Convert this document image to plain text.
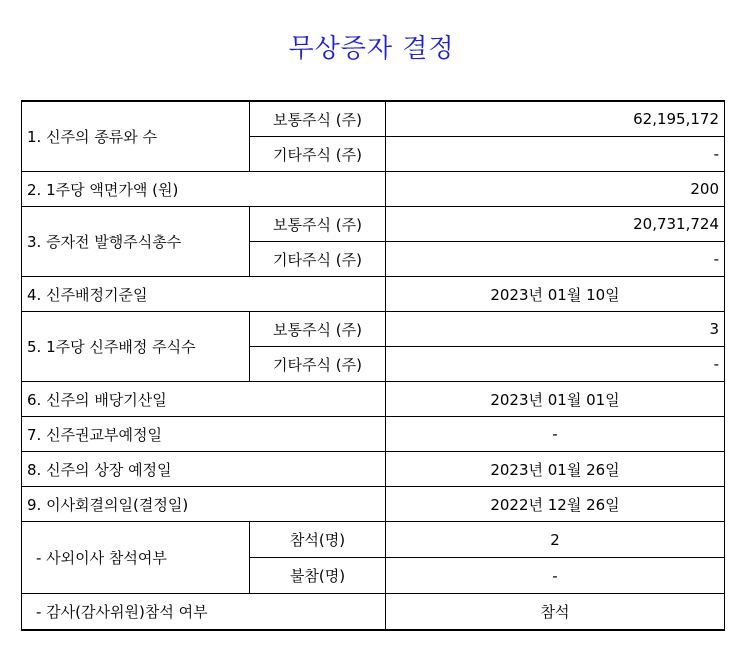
무상증자 결정
1. 신주의 종류와 수	보통주식 (주)	62,195,172
	기타주식 (주)	-
2. 1주당 액면가액 (원)		200
3. 증자전 발행주식총수	보통주식 (주)	20,731,724
	기타주식 (주)	-
4. 신주배정기준일		2023년 01월 10일
5. 1주당 신주배정 주식수	보통주식 (주)	3
	기타주식 (주)	-
6. 신주의 배당기산일		2023년 01월 01일
7. 신주권교부예정일		-
8. 신주의 상장 예정일		2023년 01월 26일
9. 이사회결의일(결정일)		2022년 12월 26일
- 사외이사 참석여부	참석(명)	2
	불참(명)	-
- 감사(감사위원)참석 여부		참석
